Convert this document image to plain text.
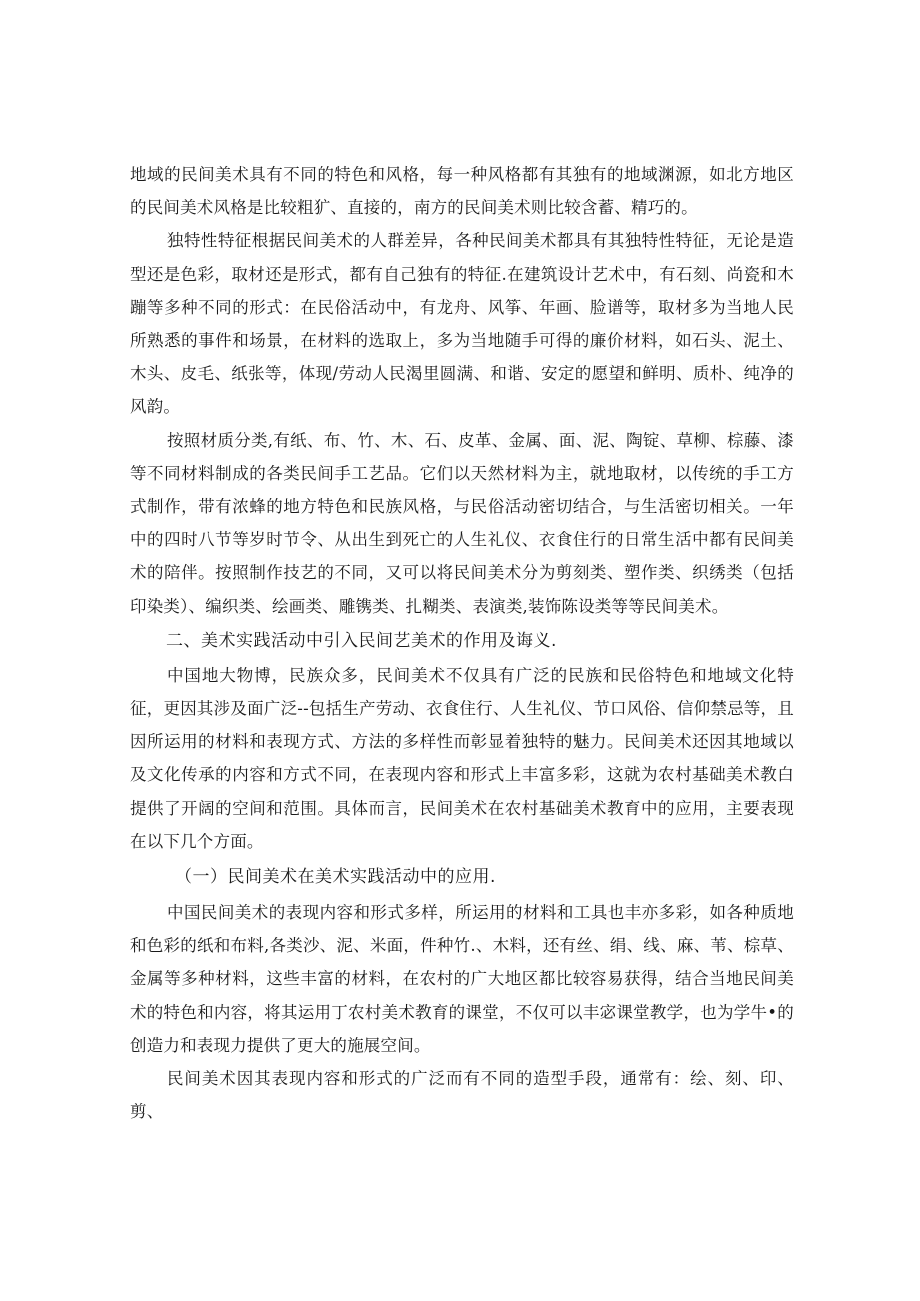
地域的民间美术具有不同的特色和风格，每一种风格都有其独有的地域渊源，如北方地区的民间美术风格是比较粗犷、直接的，南方的民间美术则比较含蓄、精巧的。

独特性特征根据民间美术的人群差异，各种民间美术都具有其独特性特征，无论是造型还是色彩，取材还是形式，都有自己独有的特征.在建筑设计艺术中，有石刻、尚瓷和木蹦等多种不同的形式：在民俗活动中，有龙舟、风筝、年画、脸谱等，取材多为当地人民所熟悉的事件和场景，在材料的选取上，多为当地随手可得的廉价材料，如石头、泥土、木头、皮毛、纸张等，体现/劳动人民渴里圆满、和谐、安定的愿望和鲜明、质朴、纯净的风韵。

按照材质分类,有纸、布、竹、木、石、皮革、金属、面、泥、陶锭、草柳、棕藤、漆等不同材料制成的各类民间手工艺品。它们以天然材料为主，就地取材，以传统的手工方式制作，带有浓蜂的地方特色和民族风格，与民俗活动密切结合，与生活密切相关。一年中的四时八节等岁时节令、从出生到死亡的人生礼仪、衣食住行的日常生活中都有民间美术的陪伴。按照制作技艺的不同，又可以将民间美术分为剪刻类、塑作类、织绣类（包括印染类）、编织类、绘画类、雕镌类、扎糊类、表演类,装饰陈设类等等民间美术。

二、美术实践活动中引入民间艺美术的作用及诲义.

中国地大物博，民族众多，民间美术不仅具有广泛的民族和民俗特色和地域文化特征，更因其涉及面广泛--包括生产劳动、衣食住行、人生礼仪、节口风俗、信仰禁忌等，且因所运用的材料和表现方式、方法的多样性而彰显着独特的魅力。民间美术还因其地域以及文化传承的内容和方式不同，在表现内容和形式上丰富多彩，这就为农村基础美术教白提供了开阔的空间和范围。具体而言，民间美术在农村基础美术教育中的应用，主要表现在以下几个方面。

（一）民间美术在美术实践活动中的应用.

中国民间美术的表现内容和形式多样，所运用的材料和工具也丰亦多彩，如各种质地和色彩的纸和布料,各类沙、泥、米面，件种竹.、木料，还有丝、绢、线、麻、苇、棕草、金属等多种材料，这些丰富的材料，在农村的广大地区都比较容易获得，结合当地民间美术的特色和内容，将其运用丁农村美术教育的课堂，不仅可以丰宓课堂教学，也为学牛•的创造力和表现力提供了更大的施展空间。

民间美术因其表现内容和形式的广泛而有不同的造型手段，通常有：绘、刻、印、剪、
